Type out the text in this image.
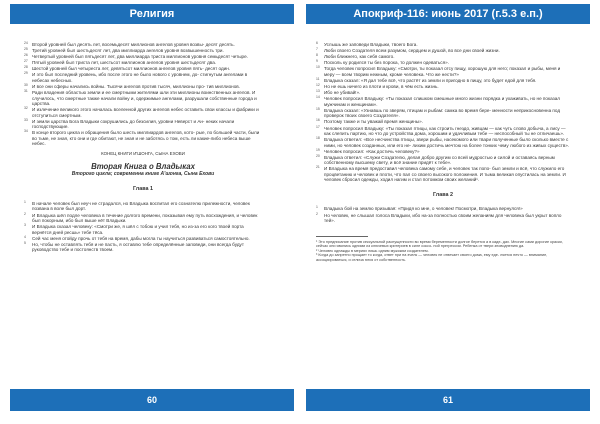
Религия
24 Второй уровней был десять лет, восемьдесят миллионов ангелов уровня возвы- десят десять.
25 Третий уровней был шестьдесят лет, два миллиарда ангелов уровня возвышенность три.
26 Четвертый уровней был пятьдесят лет, два миллиарда триста миллионов уровня семьдесят четыре.
27 Пятый уровней был триста лет, шестьсот миллионов ангелов уровня шестьдесят два.
28 Шестой уровней был четыреста лет, девятьсот миллионов ангелов уровня пять- десят один.
29 И это был последний уровень, ибо после этого не было нового с уровнем, до- стигнутым ангелами в небесах небесных.
30 И все они сферы начались войны. Тысячи ангелов против тысяч, миллионы про- тив миллионов.
31 Ради владения областью земли и ее смертными жителями шли эти миллионы воинственных ангелов. И случилось, что смертные также начали войну и, одержимые ангелами, разрушали собственные города и царства.
32 И излечение великого этого началась вселенной других ангелов небес оставить свои классы и фабрики и отступиться смертным.
33 И земли царства Бога Владыки сокрушились до безсилия, уровни Неверст и Ан- неких начали господствующие.
34 В конце второго цикла и обращения было шесть миллиардов ангелов, кото- рые, по большей части, были во тьме, не зная, кто они и где обитают, не зная и не заботясь о том, есть ли какие-либо небеса выше небес.
КОНЕЦ КНИГИ И'ШОНГА, СЫНА ЕХОВИ
Вторая Книга о Владыках
Второго цикла; современна книге А'шонга, Сына Ехови
Глава 1
1 В начале человек был неуч не страдался, но Владыка воспитал его сознателю прилежности, человек позвана в воле был дорт.
2 И Владыка шёл подле человека в течение долгого времени, показывая ему путь восхождения, и человек был покорным, ибо был выше нёт Владыки.
3 И Владыка сказал человеку: «Смотри же, я шёл с тобою и учил тебя, но из-за его кого твоей порта вернётся дней ресшь» тебе тёса.
4 Сей час меня отойду прочь от тебя на время, дабы могла ты научиться развиваться самостоятельно.
5 Но, чтобы не оставлять тебя и не пасть, я оставлю тебе определённые заповеди, они всегда будут руководство тебе и постоянств твоем.
60
Апокриф-116: июнь 2017 (г.5.3 е.п.)
6 Услышь же заповеди Владыки, твоего Бога.
7 Люби своего Создателя всем разумом, сердцем и душой, во все дни своей жизни.
8 Люби ближнего, как себя самого.
9 Посколь ку родился ты без порока, то должен одеваться».
10 Тогда человек попросил Владыку: «Смотри, ты показал отсу пищу, хорошую для него; показал и рыбы, меня и меру — всем творим нежным, кроме человека. Что же нести?»
11 Владыка сказал: «Я дал тебе всё, что растёт из земли и пригодно в пищу, это будет едой для тебя.
12 Но не ешь ничего из плоти и крови, в чём есть жизнь.
13 Ибо не убивай!».
14 Человек попросил Владыку: «Ты показал слишком смешные много жизни порядка и ухаживать, но не показал мужчинам и женщинам».
15 Владыка сказал: «Узнавшь по зверям, птицам и рыбам: самка во время бере- менности неприкосновенна под проверок твоих своего Создателя».
16 Поэтому также и ты уважай время женщины».
17 Человек попросил Владыку: «Ты показал птицы, как строить гнездо, живцам — как чуть слово добыча, а лису — как слепить партию, но что до устройства дома, хорошим и удачливым тебе — неспособный ты не отличаешь».
18 Владыка ответил: «Все несчинства птицы, звери рыбы, насекомого или твари полученные было сколько вместе с ними, но человек созданных, или его не- лихим достичь мечтою на более тонких чему любого из живых существ».
19 Человек попросил: «Как достичь человеку?»
20 Владыка ответил: «Служи Создателю, делая добро другим со всей мудростью и силой и оставаясь верным собственному высшему свету, и всё знание придёт к тебе».
21 И Владыка на время предоставил человека самому себе, и человек так попо- был земли и всё, что служило его процветанию и человек и плоти, что пал со своего высокого положения. И тыма великая опустилась на земли. И человек сбросил одежды, ходил нагим и стал потомком своих желаний¹.
Глава 2
1 Владыка бой на землю призывая: «Придя ко мне, о человек! Посмотри, Владыка вернулся!»
2 Но человек, не слышал голоса Владыки, ибо на-за полностью своим желаниям для человека был укрыт вопло тей».
¹ Это предписание против сексуальной распущенности во время беременности долгое берется а в каде- дах. Многие сами дорогие краски, сейчас они явились одними из ключевых критериев в силе соксо- ной прегрессии. Ребенка от твери зноводнению да.
² Человек однажды в мериях лишь одним мужским создателем.
³ Когда до запретно прощает то когда, ответ при на эчелк — человек не отвечает своего дома, ему еде- ляется нечто — внимание, ассоциироваться, и отлича ются от собственность.
61
